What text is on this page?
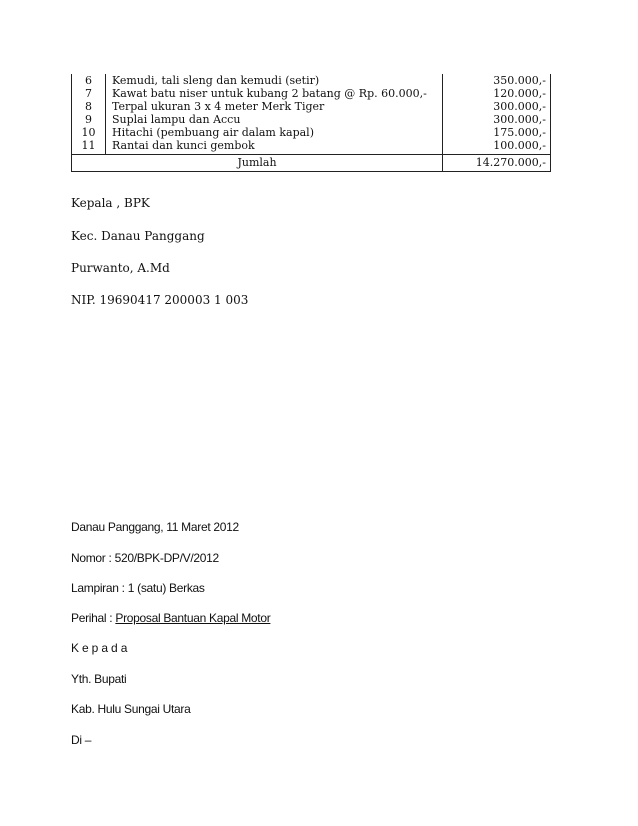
6	Kemudi, tali sleng dan kemudi (setir)	350.000,-
7	Kawat batu niser untuk kubang 2 batang @ Rp. 60.000,-	120.000,-
8	Terpal ukuran 3 x 4 meter Merk Tiger	300.000,-
9	Suplai lampu dan Accu	300.000,-
10	Hitachi (pembuang air dalam kapal)	175.000,-
11	Rantai dan kunci gembok	100.000,-
Jumlah		14.270.000,-

Kepala , BPK

Kec. Danau Panggang

Purwanto, A.Md

NIP. 19690417 200003 1 003

Danau Panggang, 11 Maret 2012

Nomor : 520/BPK-DP/V/2012

Lampiran : 1 (satu) Berkas

Perihal : Proposal Bantuan Kapal Motor

Kepada

Yth. Bupati

Kab. Hulu Sungai Utara

Di –
